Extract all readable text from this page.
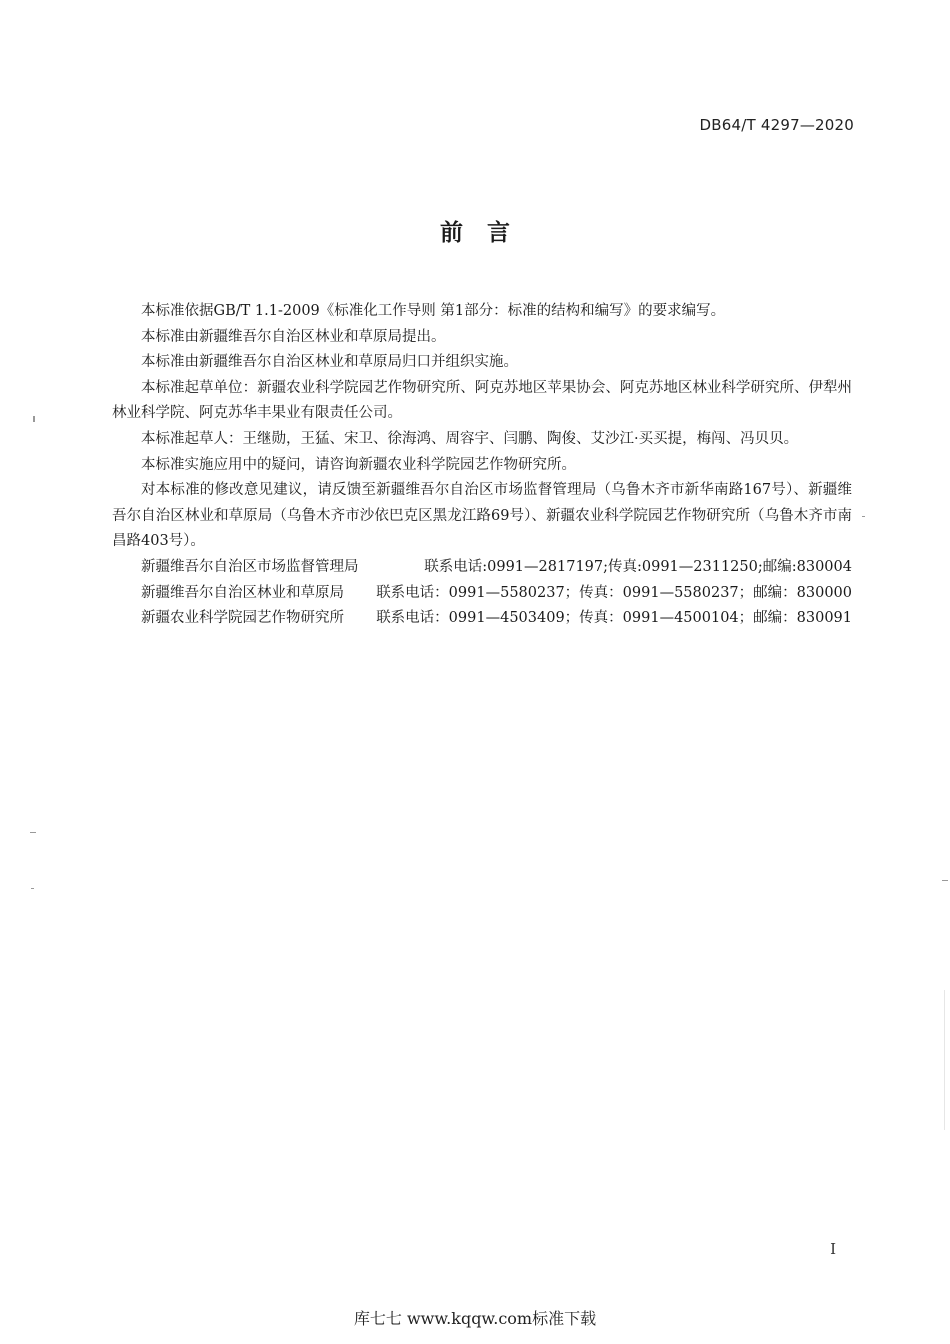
DB64/T 4297—2020
前言

本标准依据GB/T 1.1-2009《标准化工作导则 第1部分：标准的结构和编写》的要求编写。

本标准由新疆维吾尔自治区林业和草原局提出。

本标准由新疆维吾尔自治区林业和草原局归口并组织实施。

本标准起草单位：新疆农业科学院园艺作物研究所、阿克苏地区苹果协会、阿克苏地区林业科学研究所、伊犁州林业科学院、阿克苏华丰果业有限责任公司。

本标准起草人：王继勋，王猛、宋卫、徐海鸿、周容宇、闫鹏、陶俊、艾沙江·买买提，梅闯、冯贝贝。

本标准实施应用中的疑问，请咨询新疆农业科学院园艺作物研究所。

对本标准的修改意见建议，请反馈至新疆维吾尔自治区市场监督管理局（乌鲁木齐市新华南路167号）、新疆维吾尔自治区林业和草原局（乌鲁木齐市沙依巴克区黑龙江路69号）、新疆农业科学院园艺作物研究所（乌鲁木齐市南昌路403号）。

新疆维吾尔自治区市场监督管理局	联系电话:0991—2817197;传真:0991—2311250;邮编:830004
新疆维吾尔自治区林业和草原局 联系电话：0991—5580237；传真：0991—5580237；邮编：830000
新疆农业科学院园艺作物研究所 联系电话：0991—4503409；传真：0991—4500104；邮编：830091
I
库七七 www.kqqw.com标准下载
